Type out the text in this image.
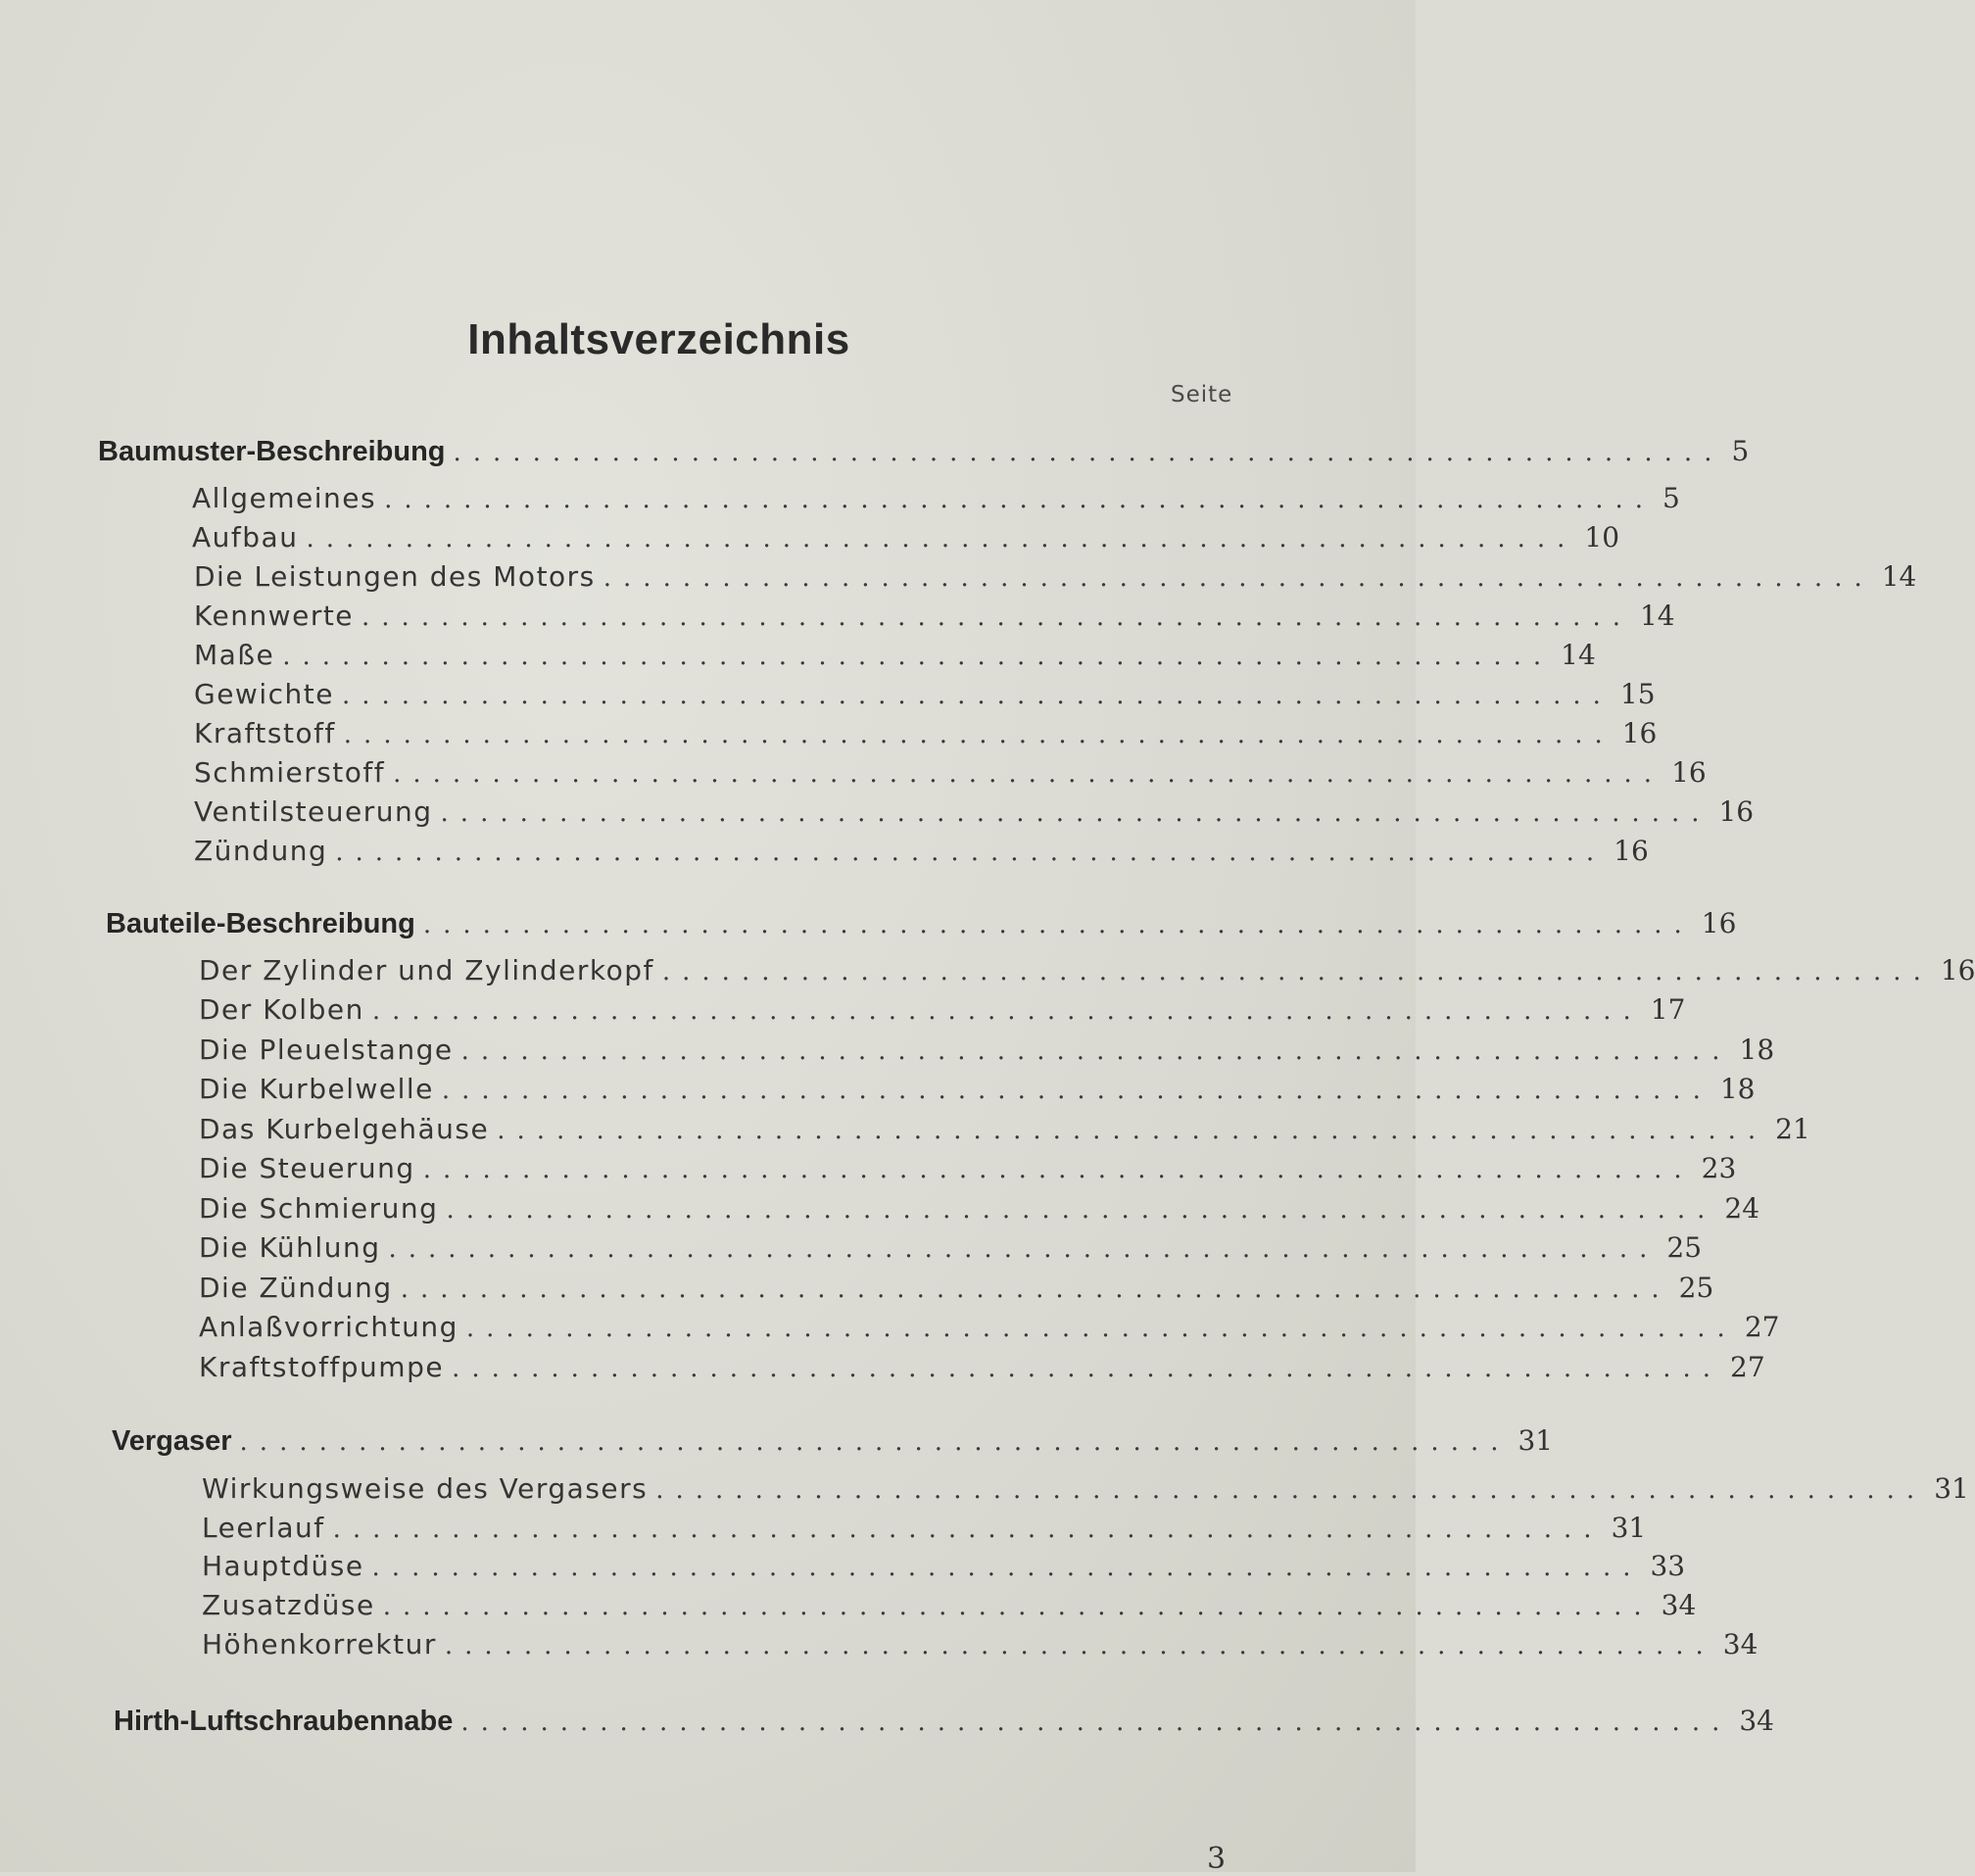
Inhaltsverzeichnis
Seite
Baumuster-Beschreibung ................................................................ 5
Allgemeines ................................................................ 5
Aufbau ................................................................ 10
Die Leistungen des Motors ................................................................ 14
Kennwerte ................................................................ 14
Maße ................................................................ 14
Gewichte ................................................................ 15
Kraftstoff ................................................................ 16
Schmierstoff ................................................................ 16
Ventilsteuerung ................................................................ 16
Zündung ................................................................ 16
Bauteile-Beschreibung ................................................................ 16
Der Zylinder und Zylinderkopf ................................................................ 16
Der Kolben ................................................................ 17
Die Pleuelstange ................................................................ 18
Die Kurbelwelle ................................................................ 18
Das Kurbelgehäuse ................................................................ 21
Die Steuerung ................................................................ 23
Die Schmierung ................................................................ 24
Die Kühlung ................................................................ 25
Die Zündung ................................................................ 25
Anlaßvorrichtung ................................................................ 27
Kraftstoffpumpe ................................................................ 27
Vergaser ................................................................ 31
Wirkungsweise des Vergasers ................................................................ 31
Leerlauf ................................................................ 31
Hauptdüse ................................................................ 33
Zusatzdüse ................................................................ 34
Höhenkorrektur ................................................................ 34
Hirth-Luftschraubennabe ................................................................ 34
3
